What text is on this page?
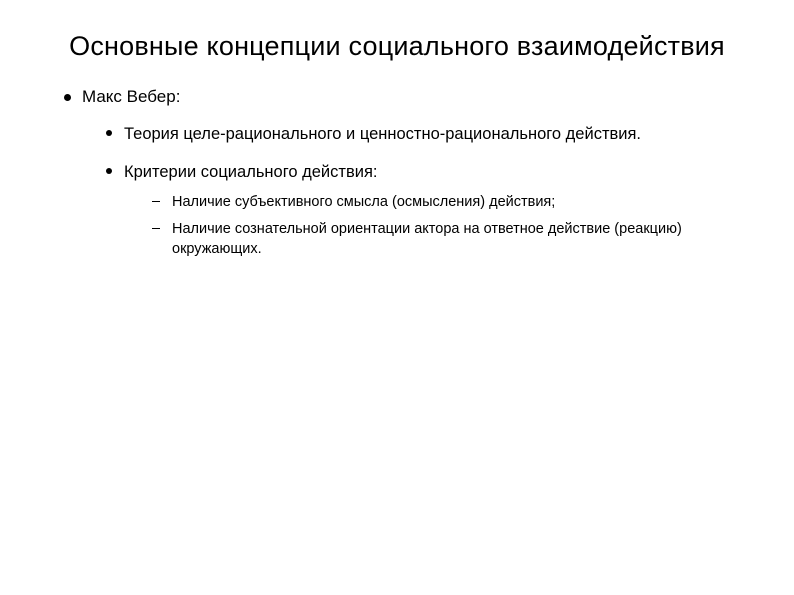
Основные концепции социального взаимодействия
Макс Вебер:
Теория целе-рационального и ценностно-рационального действия.
Критерии социального действия:
Наличие субъективного смысла (осмысления) действия;
Наличие сознательной ориентации актора на ответное действие (реакцию) окружающих.
